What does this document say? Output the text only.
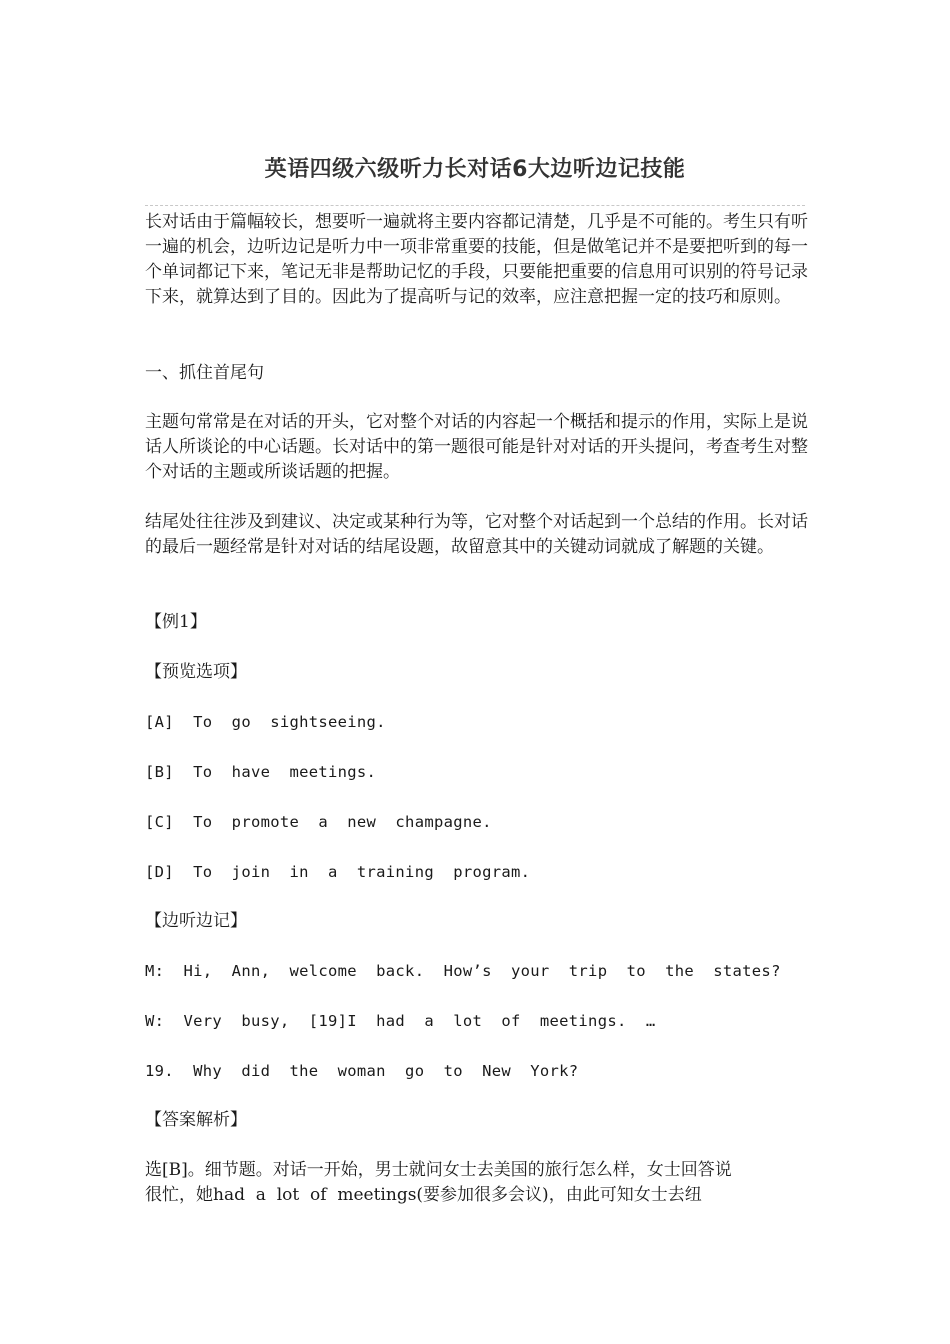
英语四级六级听力长对话6大边听边记技能

长对话由于篇幅较长，想要听一遍就将主要内容都记清楚，几乎是不可能的。考生只有听一遍的机会，边听边记是听力中一项非常重要的技能，但是做笔记并不是要把听到的每一个单词都记下来，笔记无非是帮助记忆的手段，只要能把重要的信息用可识别的符号记录下来，就算达到了目的。因此为了提高听与记的效率，应注意把握一定的技巧和原则。

一、抓住首尾句

主题句常常是在对话的开头，它对整个对话的内容起一个概括和提示的作用，实际上是说话人所谈论的中心话题。长对话中的第一题很可能是针对对话的开头提问，考查考生对整个对话的主题或所谈话题的把握。

结尾处往往涉及到建议、决定或某种行为等，它对整个对话起到一个总结的作用。长对话的最后一题经常是针对对话的结尾设题，故留意其中的关键动词就成了解题的关键。

【例1】
【预览选项】
[A]  To  go  sightseeing.
[B]  To  have  meetings.
[C]  To  promote  a  new  champagne.
[D]  To  join  in  a  training  program.
【边听边记】
M:  Hi,  Ann,  welcome  back.  How’s  your  trip  to  the  states?
W:  Very  busy,  [19]I  had  a  lot  of  meetings.  …
19.  Why  did  the  woman  go  to  New  York?
【答案解析】
选[B]。细节题。对话一开始，男士就问女士去美国的旅行怎么样，女士回答说
很忙，她had  a  lot  of  meetings(要参加很多会议)，由此可知女士去纽
